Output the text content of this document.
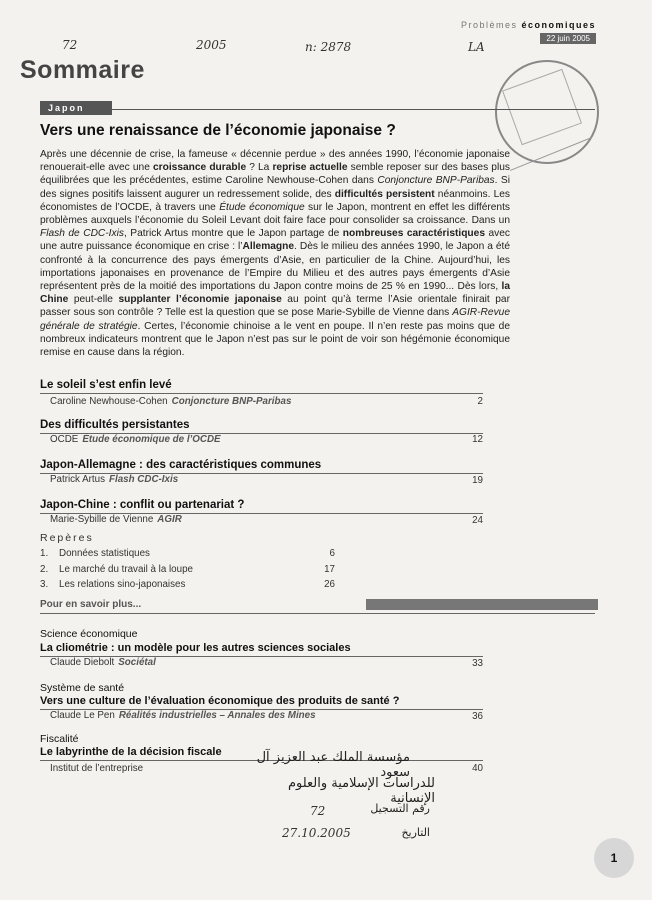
Problèmes économiques
22 juin 2005
72	2005	n: 2878	LA
Sommaire
Japon
Vers une renaissance de l’économie japonaise ?
Après une décennie de crise, la fameuse « décennie perdue » des années 1990, l’économie japonaise renouerait-elle avec une croissance durable ? La reprise actuelle semble reposer sur des bases plus équilibrées que les précédentes, estime Caroline Newhouse-Cohen dans Conjoncture BNP-Paribas. Si des signes positifs laissent augurer un redressement solide, des difficultés persistent néanmoins. Les économistes de l’OCDE, à travers une Étude économique sur le Japon, montrent en effet les différents problèmes auxquels l’économie du Soleil Levant doit faire face pour consolider sa croissance. Dans un Flash de CDC-Ixis, Patrick Artus montre que le Japon partage de nombreuses caractéristiques avec une autre puissance économique en crise : l’Allemagne. Dès le milieu des années 1990, le Japon a été confronté à la concurrence des pays émergents d’Asie, en particulier de la Chine. Aujourd’hui, les importations japonaises en provenance de l’Empire du Milieu et des autres pays émergents d’Asie représentent près de la moitié des importations du Japon contre moins de 25 % en 1990... Dès lors, la Chine peut-elle supplanter l’économie japonaise au point qu’à terme l’Asie orientale finirait par passer sous son contrôle ? Telle est la question que se pose Marie-Sybille de Vienne dans AGIR-Revue générale de stratégie. Certes, l’économie chinoise a le vent en poupe. Il n’en reste pas moins que de nombreux indicateurs montrent que le Japon n’est pas sur le point de voir son hégémonie économique remise en cause dans la région.
Le soleil s’est enfin levé
Caroline Newhouse-Cohen Conjoncture BNP-Paribas	2
Des difficultés persistantes
OCDE Étude économique de l’OCDE	12
Japon-Allemagne : des caractéristiques communes
Patrick Artus Flash CDC-Ixis	19
Japon-Chine : conflit ou partenariat ?
Marie-Sybille de Vienne AGIR	24
Repères
1. Données statistiques	6
2. Le marché du travail à la loupe	17
3. Les relations sino-japonaises	26
Pour en savoir plus...
Science économique
La cliométrie : un modèle pour les autres sciences sociales
Claude Diebolt Sociétal	33
Système de santé
Vers une culture de l’évaluation économique des produits de santé ?
Claude Le Pen Réalités industrielles – Annales des Mines	36
Fiscalité
Le labyrinthe de la décision fiscale
Institut de l’entreprise	40
مؤسسة الملك عبد العزيز آل سعود
للدراسات الإسلامية والعلوم الإنسانية
رقم التسجيل
72
التاريخ
27.10.2005
1
